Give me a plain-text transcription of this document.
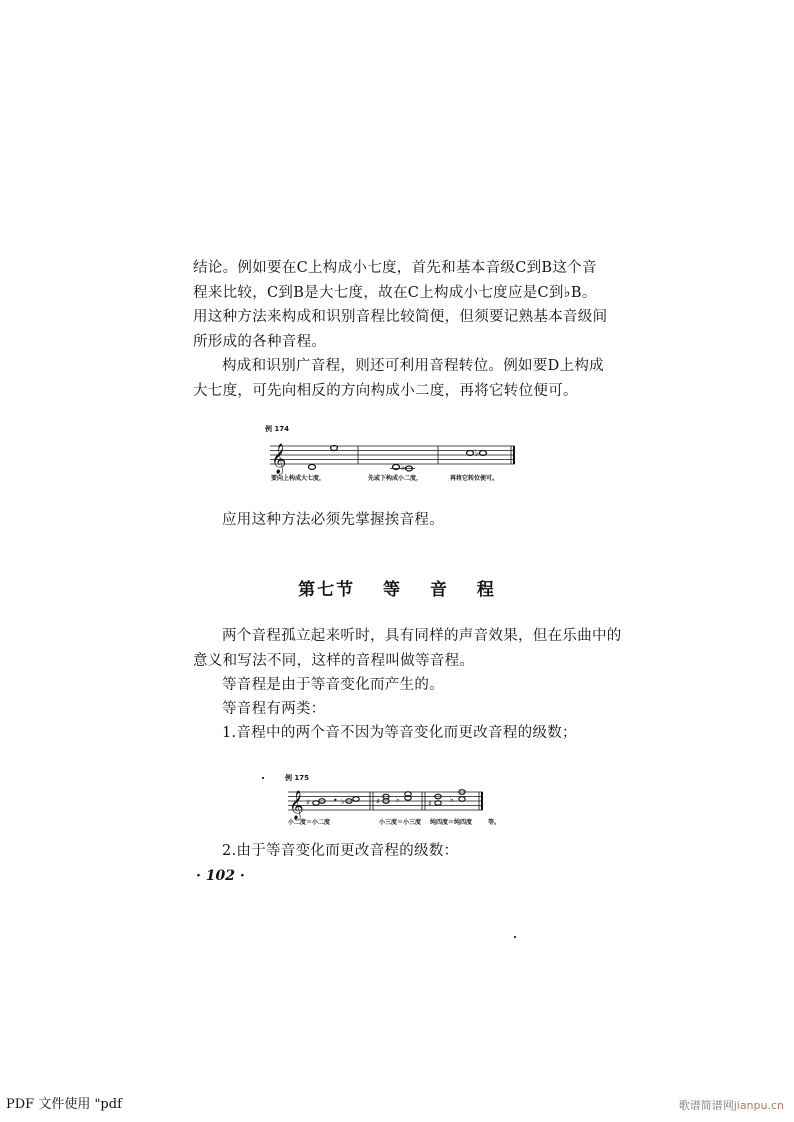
结论。例如要在C上构成小七度，首先和基本音级C到B这个音
程来比较，C到B是大七度，故在C上构成小七度应是C到♭B。
用这种方法来构成和识别音程比较简便，但须要记熟基本音级间
所形成的各种音程。

构成和识别广音程，则还可利用音程转位。例如要D上构成
大七度，可先向相反的方向构成小二度，再将它转位便可。

例 174
𝄞	♭
♭
要向上构成大七度，	先或下构成小二度，	再将它转位便可。

应用这种方法必须先掌握挨音程。

第七节 等 音 程

两个音程孤立起来听时，具有同样的声音效果，但在乐曲中的
意义和写法不同，这样的音程叫做等音程。

等音程是由于等音变化而产生的。

等音程有两类：

1.音程中的两个音不因为等音变化而更改音程的级数；

例 175
𝄞 ♯	• ♭	♯ ♭	♯ ♭
小二度＝小二度	小三度＝小三度 纯四度＝纯四度	等。

2.由于等音变化而更改音程的级数：

· 102 ·
PDF 文件使用 "pdf	歌谱简谱网jianpu.cn
